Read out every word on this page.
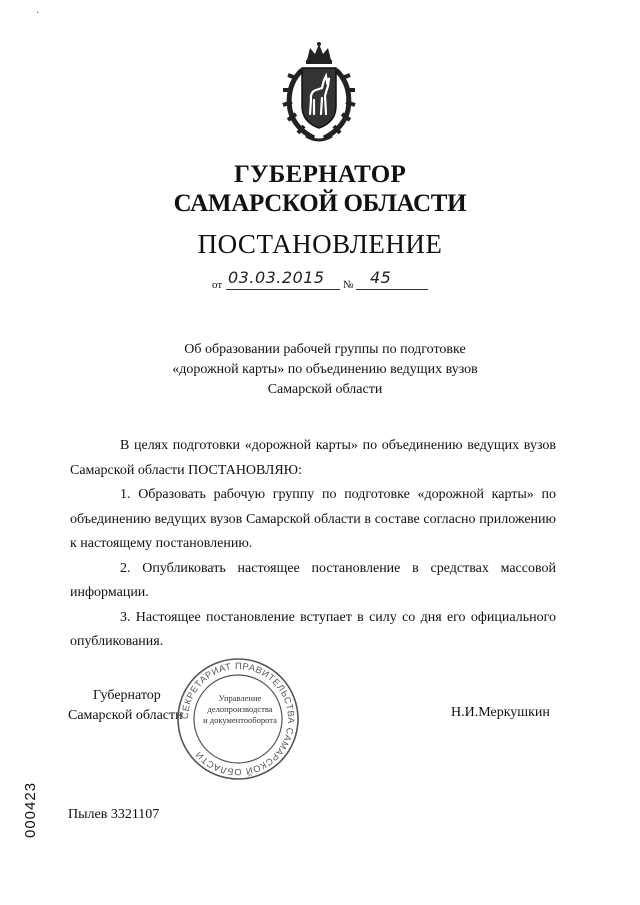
·
ГУБЕРНАТОР
САМАРСКОЙ ОБЛАСТИ
ПОСТАНОВЛЕНИЕ
от 03.03.2015 № 45
Об образовании рабочей группы по подготовке
«дорожной карты» по объединению ведущих вузов
Самарской области

В целях подготовки «дорожной карты» по объединению ведущих вузов Самарской области ПОСТАНОВЛЯЮ:

1. Образовать рабочую группу по подготовке «дорожной карты» по объединению ведущих вузов Самарской области в составе согласно приложению к настоящему постановлению.

2. Опубликовать настоящее постановление в средствах массовой информации.

3. Настоящее постановление вступает в силу со дня его официального опубликования.

Губернатор
Самарской области
СЕКРЕТАРИАТ ПРАВИТЕЛЬСТВА САМАРСКОЙ ОБЛАСТИ
Управление
делопроизводства
и документооборота	Н.И.Меркушкин
000423 Пылев 3321107
